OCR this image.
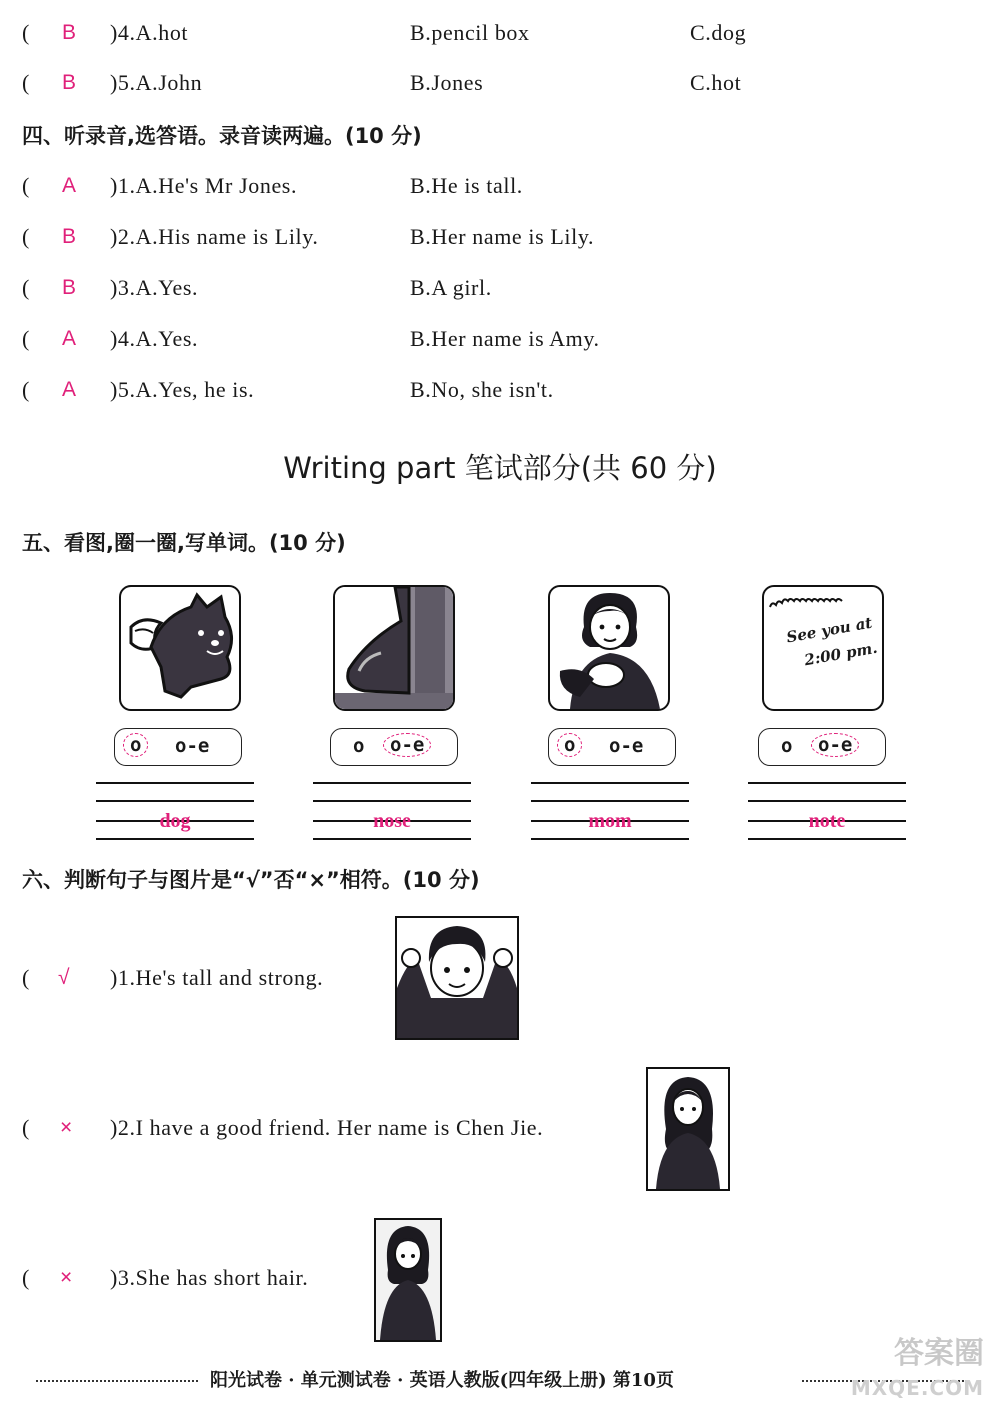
( B )4.A.hot	B.pencil box	C.dog
( B )5.A.John	B.Jones	C.hot
四、听录音,选答语。录音读两遍。(10 分)
( A )1.A.He's Mr Jones.	B.He is tall.
( B )2.A.His name is Lily.	B.Her name is Lily.
( B )3.A.Yes.	B.A girl.
( A )4.A.Yes.	B.Her name is Amy.
( A )5.A.Yes, he is.	B.No, she isn't.
Writing part 笔试部分(共 60 分)
五、看图,圈一圈,写单词。(10 分)
See you at
2:00 pm.
o	o-e	o	o-e	o	o-e	o	o-e
dog	nose	mom	note
六、判断句子与图片是“√”否“×”相符。(10 分)
( √ )1.He's tall and strong.
( × )2.I have a good friend. Her name is Chen Jie.
( × )3.She has short hair.
阳光试卷 · 单元测试卷 · 英语人教版(四年级上册) 第10页
答案圈
MXQE.COM
